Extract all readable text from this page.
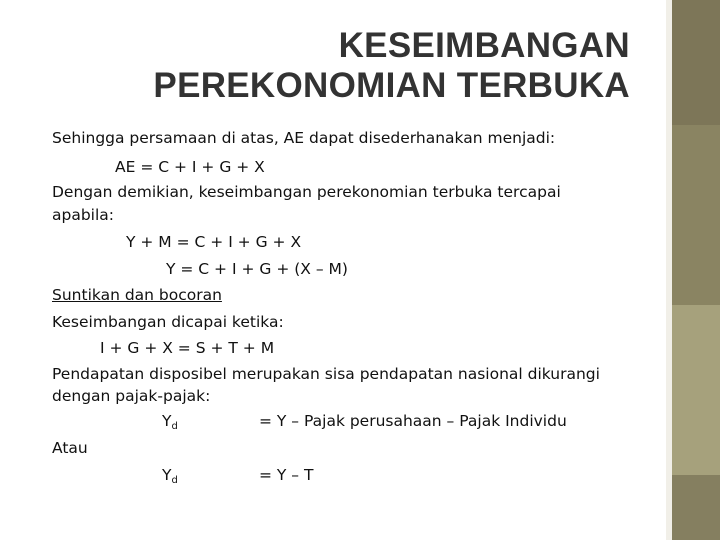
KESEIMBANGAN
PEREKONOMIAN TERBUKA
Sehingga persamaan di atas, AE dapat disederhanakan menjadi:
AE = C + I + G + X
Dengan demikian, keseimbangan perekonomian terbuka tercapai
apabila:
Y + M = C + I + G + X
Y = C + I + G + (X – M)
Suntikan dan bocoran
Keseimbangan dicapai ketika:
I + G + X = S + T + M
Pendapatan disposibel merupakan sisa pendapatan nasional dikurangi
dengan pajak-pajak:
$Y_d$	= Y – Pajak perusahaan – Pajak Individu
Atau
$Y_d$	= Y – T
